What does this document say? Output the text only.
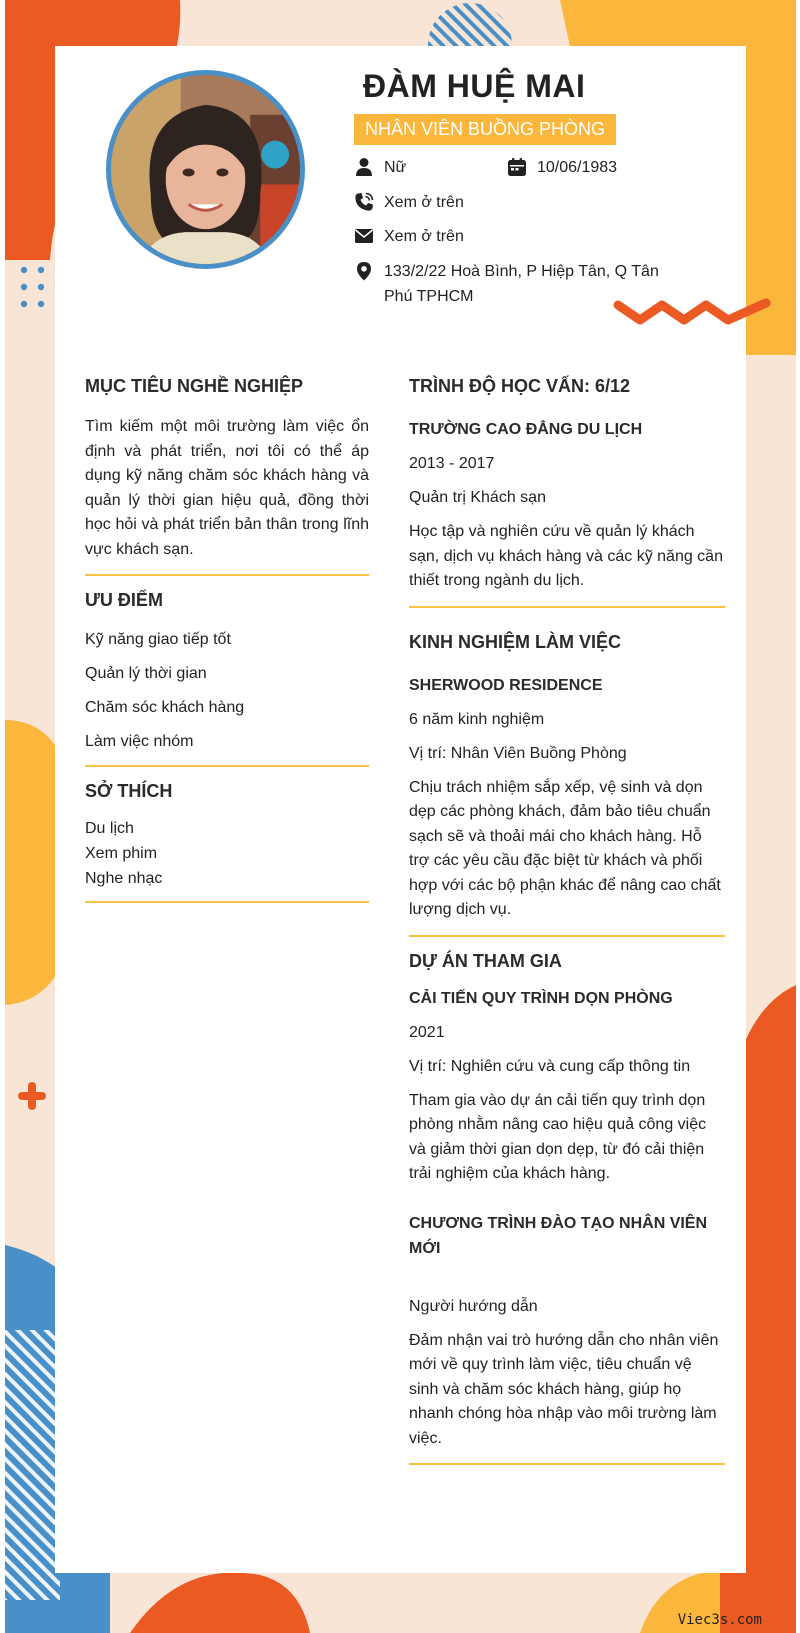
ĐÀM HUỆ MAI
NHÂN VIÊN BUỒNG PHÒNG
Nữ	10/06/1983
Xem ở trên
Xem ở trên
133/2/22 Hoà Bình, P Hiệp Tân, Q Tân Phú TPHCM
MỤC TIÊU NGHỀ NGHIỆP
Tìm kiếm một môi trường làm việc ổn định và phát triển, nơi tôi có thể áp dụng kỹ năng chăm sóc khách hàng và quản lý thời gian hiệu quả, đồng thời học hỏi và phát triển bản thân trong lĩnh vực khách sạn.
ƯU ĐIỂM
Kỹ năng giao tiếp tốt
Quản lý thời gian
Chăm sóc khách hàng
Làm việc nhóm
SỞ THÍCH
Du lịch
Xem phim
Nghe nhạc
TRÌNH ĐỘ HỌC VẤN: 6/12
TRƯỜNG CAO ĐẲNG DU LỊCH
2013 - 2017
Quản trị Khách sạn
Học tập và nghiên cứu về quản lý khách sạn, dịch vụ khách hàng và các kỹ năng cần thiết trong ngành du lịch.
KINH NGHIỆM LÀM VIỆC
SHERWOOD RESIDENCE
6 năm kinh nghiệm
Vị trí: Nhân Viên Buồng Phòng
Chịu trách nhiệm sắp xếp, vệ sinh và dọn dẹp các phòng khách, đảm bảo tiêu chuẩn sạch sẽ và thoải mái cho khách hàng. Hỗ trợ các yêu cầu đặc biệt từ khách và phối hợp với các bộ phận khác để nâng cao chất lượng dịch vụ.
DỰ ÁN THAM GIA
CẢI TIẾN QUY TRÌNH DỌN PHÒNG
2021
Vị trí: Nghiên cứu và cung cấp thông tin
Tham gia vào dự án cải tiến quy trình dọn phòng nhằm nâng cao hiệu quả công việc và giảm thời gian dọn dẹp, từ đó cải thiện trải nghiệm của khách hàng.
CHƯƠNG TRÌNH ĐÀO TẠO NHÂN VIÊN MỚI
Người hướng dẫn
Đảm nhận vai trò hướng dẫn cho nhân viên mới về quy trình làm việc, tiêu chuẩn vệ sinh và chăm sóc khách hàng, giúp họ nhanh chóng hòa nhập vào môi trường làm việc.
Viec3s.com
